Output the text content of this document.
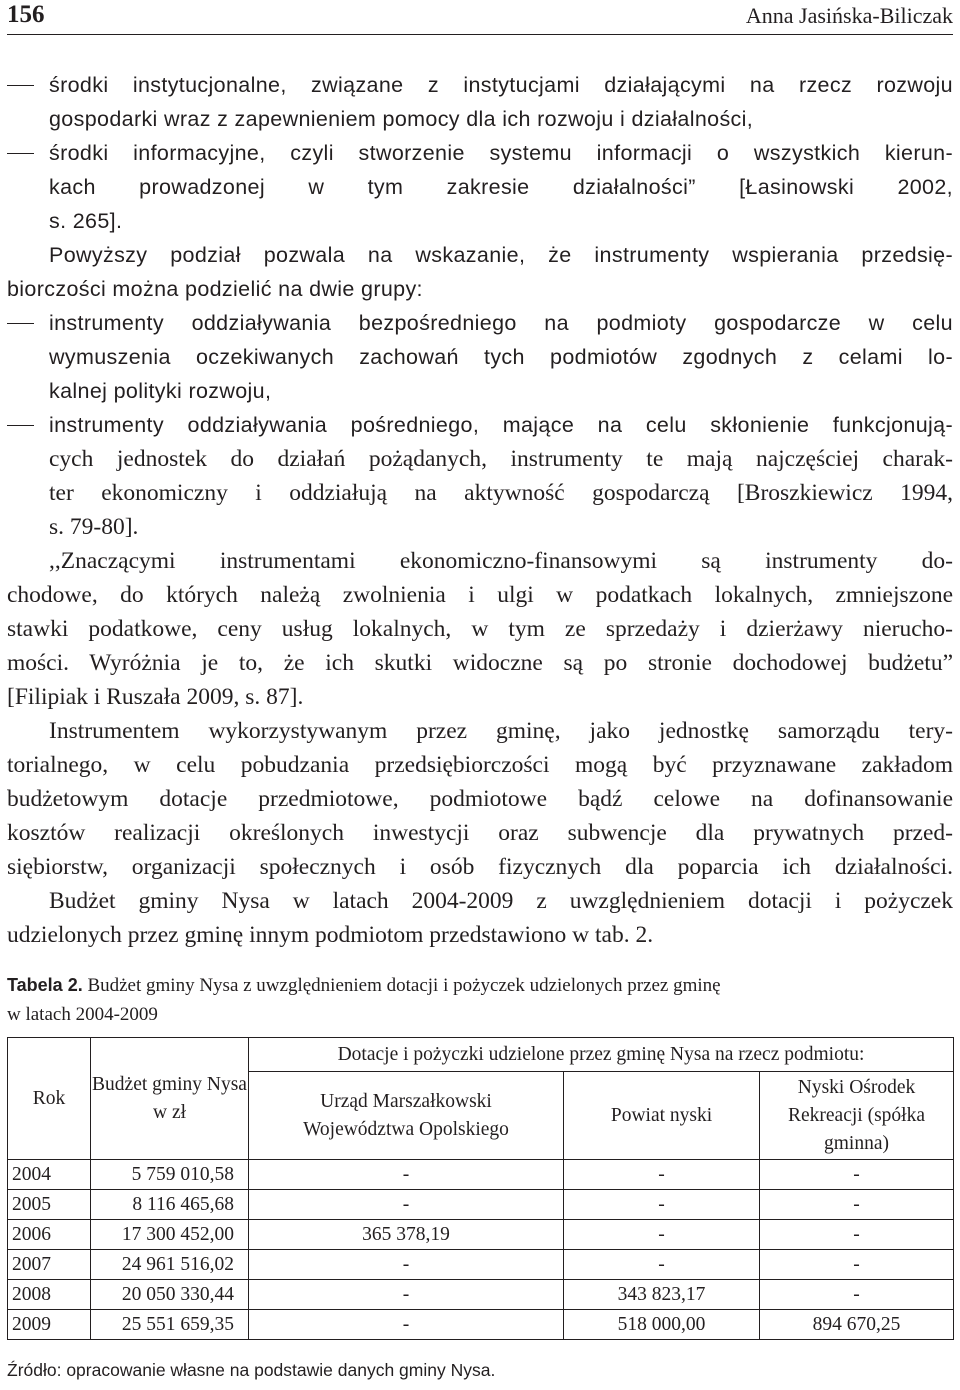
156	Anna Jasińska-Biliczak
środki instytucjonalne, związane z instytucjami działającymi na rzecz rozwoju
gospodarki wraz z zapewnieniem pomocy dla ich rozwoju i działalności,
środki informacyjne, czyli stworzenie systemu informacji o wszystkich kierun-
kach prowadzonej w tym zakresie działalności” [Łasinowski 2002,
s. 265].
Powyższy podział pozwala na wskazanie, że instrumenty wspierania przedsię-
biorczości można podzielić na dwie grupy:
instrumenty oddziaływania bezpośredniego na podmioty gospodarcze w celu
wymuszenia oczekiwanych zachowań tych podmiotów zgodnych z celami lo-
kalnej polityki rozwoju,
instrumenty oddziaływania pośredniego, mające na celu skłonienie funkcjonują-
cych jednostek do działań pożądanych, instrumenty te mają najczęściej charak-
ter ekonomiczny i oddziałują na aktywność gospodarczą [Broszkiewicz 1994,
s. 79-80].
,,Znaczącymi instrumentami ekonomiczno-finansowymi są instrumenty do-
chodowe, do których należą zwolnienia i ulgi w podatkach lokalnych, zmniejszone
stawki podatkowe, ceny usług lokalnych, w tym ze sprzedaży i dzierżawy nierucho-
mości. Wyróżnia je to, że ich skutki widoczne są po stronie dochodowej budżetu”
[Filipiak i Ruszała 2009, s. 87].
Instrumentem wykorzystywanym przez gminę, jako jednostkę samorządu tery-
torialnego, w celu pobudzania przedsiębiorczości mogą być przyznawane zakładom
budżetowym dotacje przedmiotowe, podmiotowe bądź celowe na dofinansowanie
kosztów realizacji określonych inwestycji oraz subwencje dla prywatnych przed-
siębiorstw, organizacji społecznych i osób fizycznych dla poparcia ich działalności.
Budżet gminy Nysa w latach 2004-2009 z uwzględnieniem dotacji i pożyczek
udzielonych przez gminę innym podmiotom przedstawiono w tab. 2.
Tabela 2. Budżet gminy Nysa z uwzględnieniem dotacji i pożyczek udzielonych przez gminę
w latach 2004-2009
Rok	Budżet gminy Nysa w zł	Dotacje i pożyczki udzielone przez gminę Nysa na rzecz podmiotu:		
		Urząd Marszałkowski Województwa Opolskiego	Powiat nyski	Nyski Ośrodek Rekreacji (spółka gminna)
2004	5 759 010,58	-	-	-
2005	8 116 465,68	-	-	-
2006	17 300 452,00	365 378,19	-	-
2007	24 961 516,02	-	-	-
2008	20 050 330,44	-	343 823,17	-
2009	25 551 659,35	-	518 000,00	894 670,25
Źródło: opracowanie własne na podstawie danych gminy Nysa.
